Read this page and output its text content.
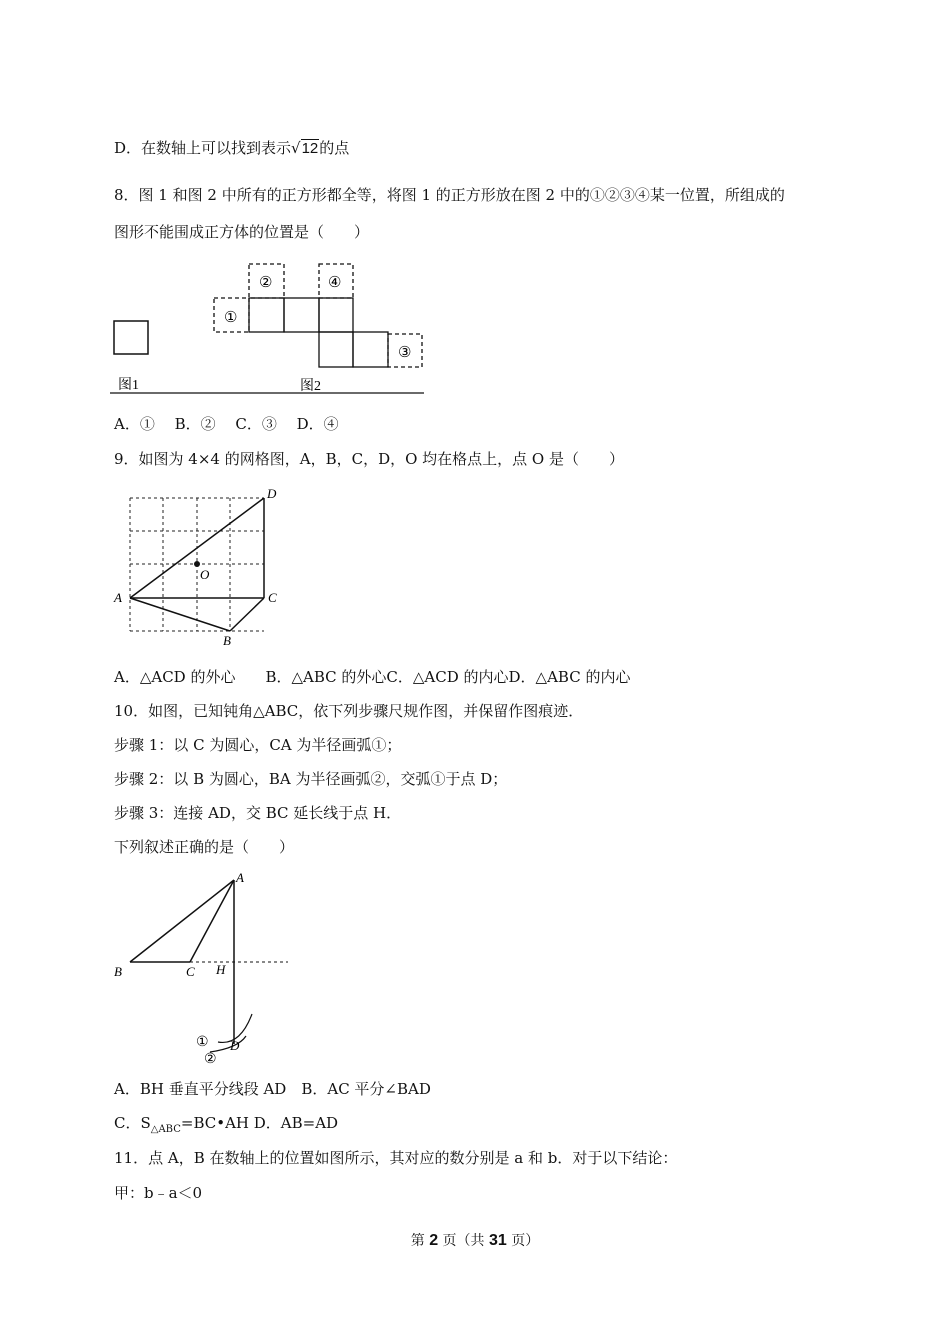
D．在数轴上可以找到表示√12的点
8．图 1 和图 2 中所有的正方形都全等，将图 1 的正方形放在图 2 中的①②③④某一位置，所组成的
图形不能围成正方体的位置是（　　）
①
②	④
③
图1	图2
A．①　 B．②　 C．③　 D．④
9．如图为 4×4 的网格图，A，B，C，D，O 均在格点上，点 O 是（　　）
D
O
A	C
B
A．△ACD 的外心　　B．△ABC 的外心C．△ACD 的内心D．△ABC 的内心
10．如图，已知钝角△ABC，依下列步骤尺规作图，并保留作图痕迹．
步骤 1：以 C 为圆心，CA 为半径画弧①；
步骤 2：以 B 为圆心，BA 为半径画弧②，交弧①于点 D；
步骤 3：连接 AD，交 BC 延长线于点 H．
下列叙述正确的是（　　）
A
B	C H
D
①
②
A．BH 垂直平分线段 AD　B．AC 平分∠BAD
C．$S_{\triangle ABC}=BC•AH$ D．AB=AD
11．点 A，B 在数轴上的位置如图所示，其对应的数分别是 a 和 b．对于以下结论：
甲：b﹣a＜0
第 2 页（共 31 页）
